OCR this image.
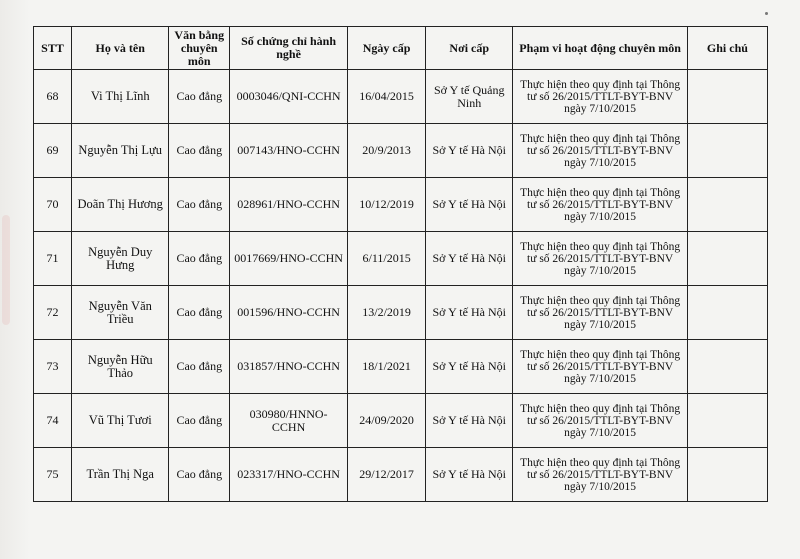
STT	Họ và tên	Văn bằng chuyên môn	Số chứng chỉ hành nghề	Ngày cấp	Nơi cấp	Phạm vi hoạt động chuyên môn	Ghi chú
68	Vi Thị Lĩnh	Cao đẳng	0003046/QNI-CCHN	16/04/2015	Sở Y tế Quảng Ninh	Thực hiện theo quy định tại Thông tư số 26/2015/TTLT-BYT-BNV ngày 7/10/2015	
69	Nguyễn Thị Lựu	Cao đẳng	007143/HNO-CCHN	20/9/2013	Sở Y tế Hà Nội	Thực hiện theo quy định tại Thông tư số 26/2015/TTLT-BYT-BNV ngày 7/10/2015	
70	Doãn Thị Hương	Cao đẳng	028961/HNO-CCHN	10/12/2019	Sở Y tế Hà Nội	Thực hiện theo quy định tại Thông tư số 26/2015/TTLT-BYT-BNV ngày 7/10/2015	
71	Nguyễn Duy Hưng	Cao đẳng	0017669/HNO-CCHN	6/11/2015	Sở Y tế Hà Nội	Thực hiện theo quy định tại Thông tư số 26/2015/TTLT-BYT-BNV ngày 7/10/2015	
72	Nguyễn Văn Triều	Cao đẳng	001596/HNO-CCHN	13/2/2019	Sở Y tế Hà Nội	Thực hiện theo quy định tại Thông tư số 26/2015/TTLT-BYT-BNV ngày 7/10/2015	
73	Nguyễn Hữu Thảo	Cao đẳng	031857/HNO-CCHN	18/1/2021	Sở Y tế Hà Nội	Thực hiện theo quy định tại Thông tư số 26/2015/TTLT-BYT-BNV ngày 7/10/2015	
74	Vũ Thị Tươi	Cao đẳng	030980/HNNO-CCHN	24/09/2020	Sở Y tế Hà Nội	Thực hiện theo quy định tại Thông tư số 26/2015/TTLT-BYT-BNV ngày 7/10/2015	
75	Trần Thị Nga	Cao đẳng	023317/HNO-CCHN	29/12/2017	Sở Y tế Hà Nội	Thực hiện theo quy định tại Thông tư số 26/2015/TTLT-BYT-BNV ngày 7/10/2015	
